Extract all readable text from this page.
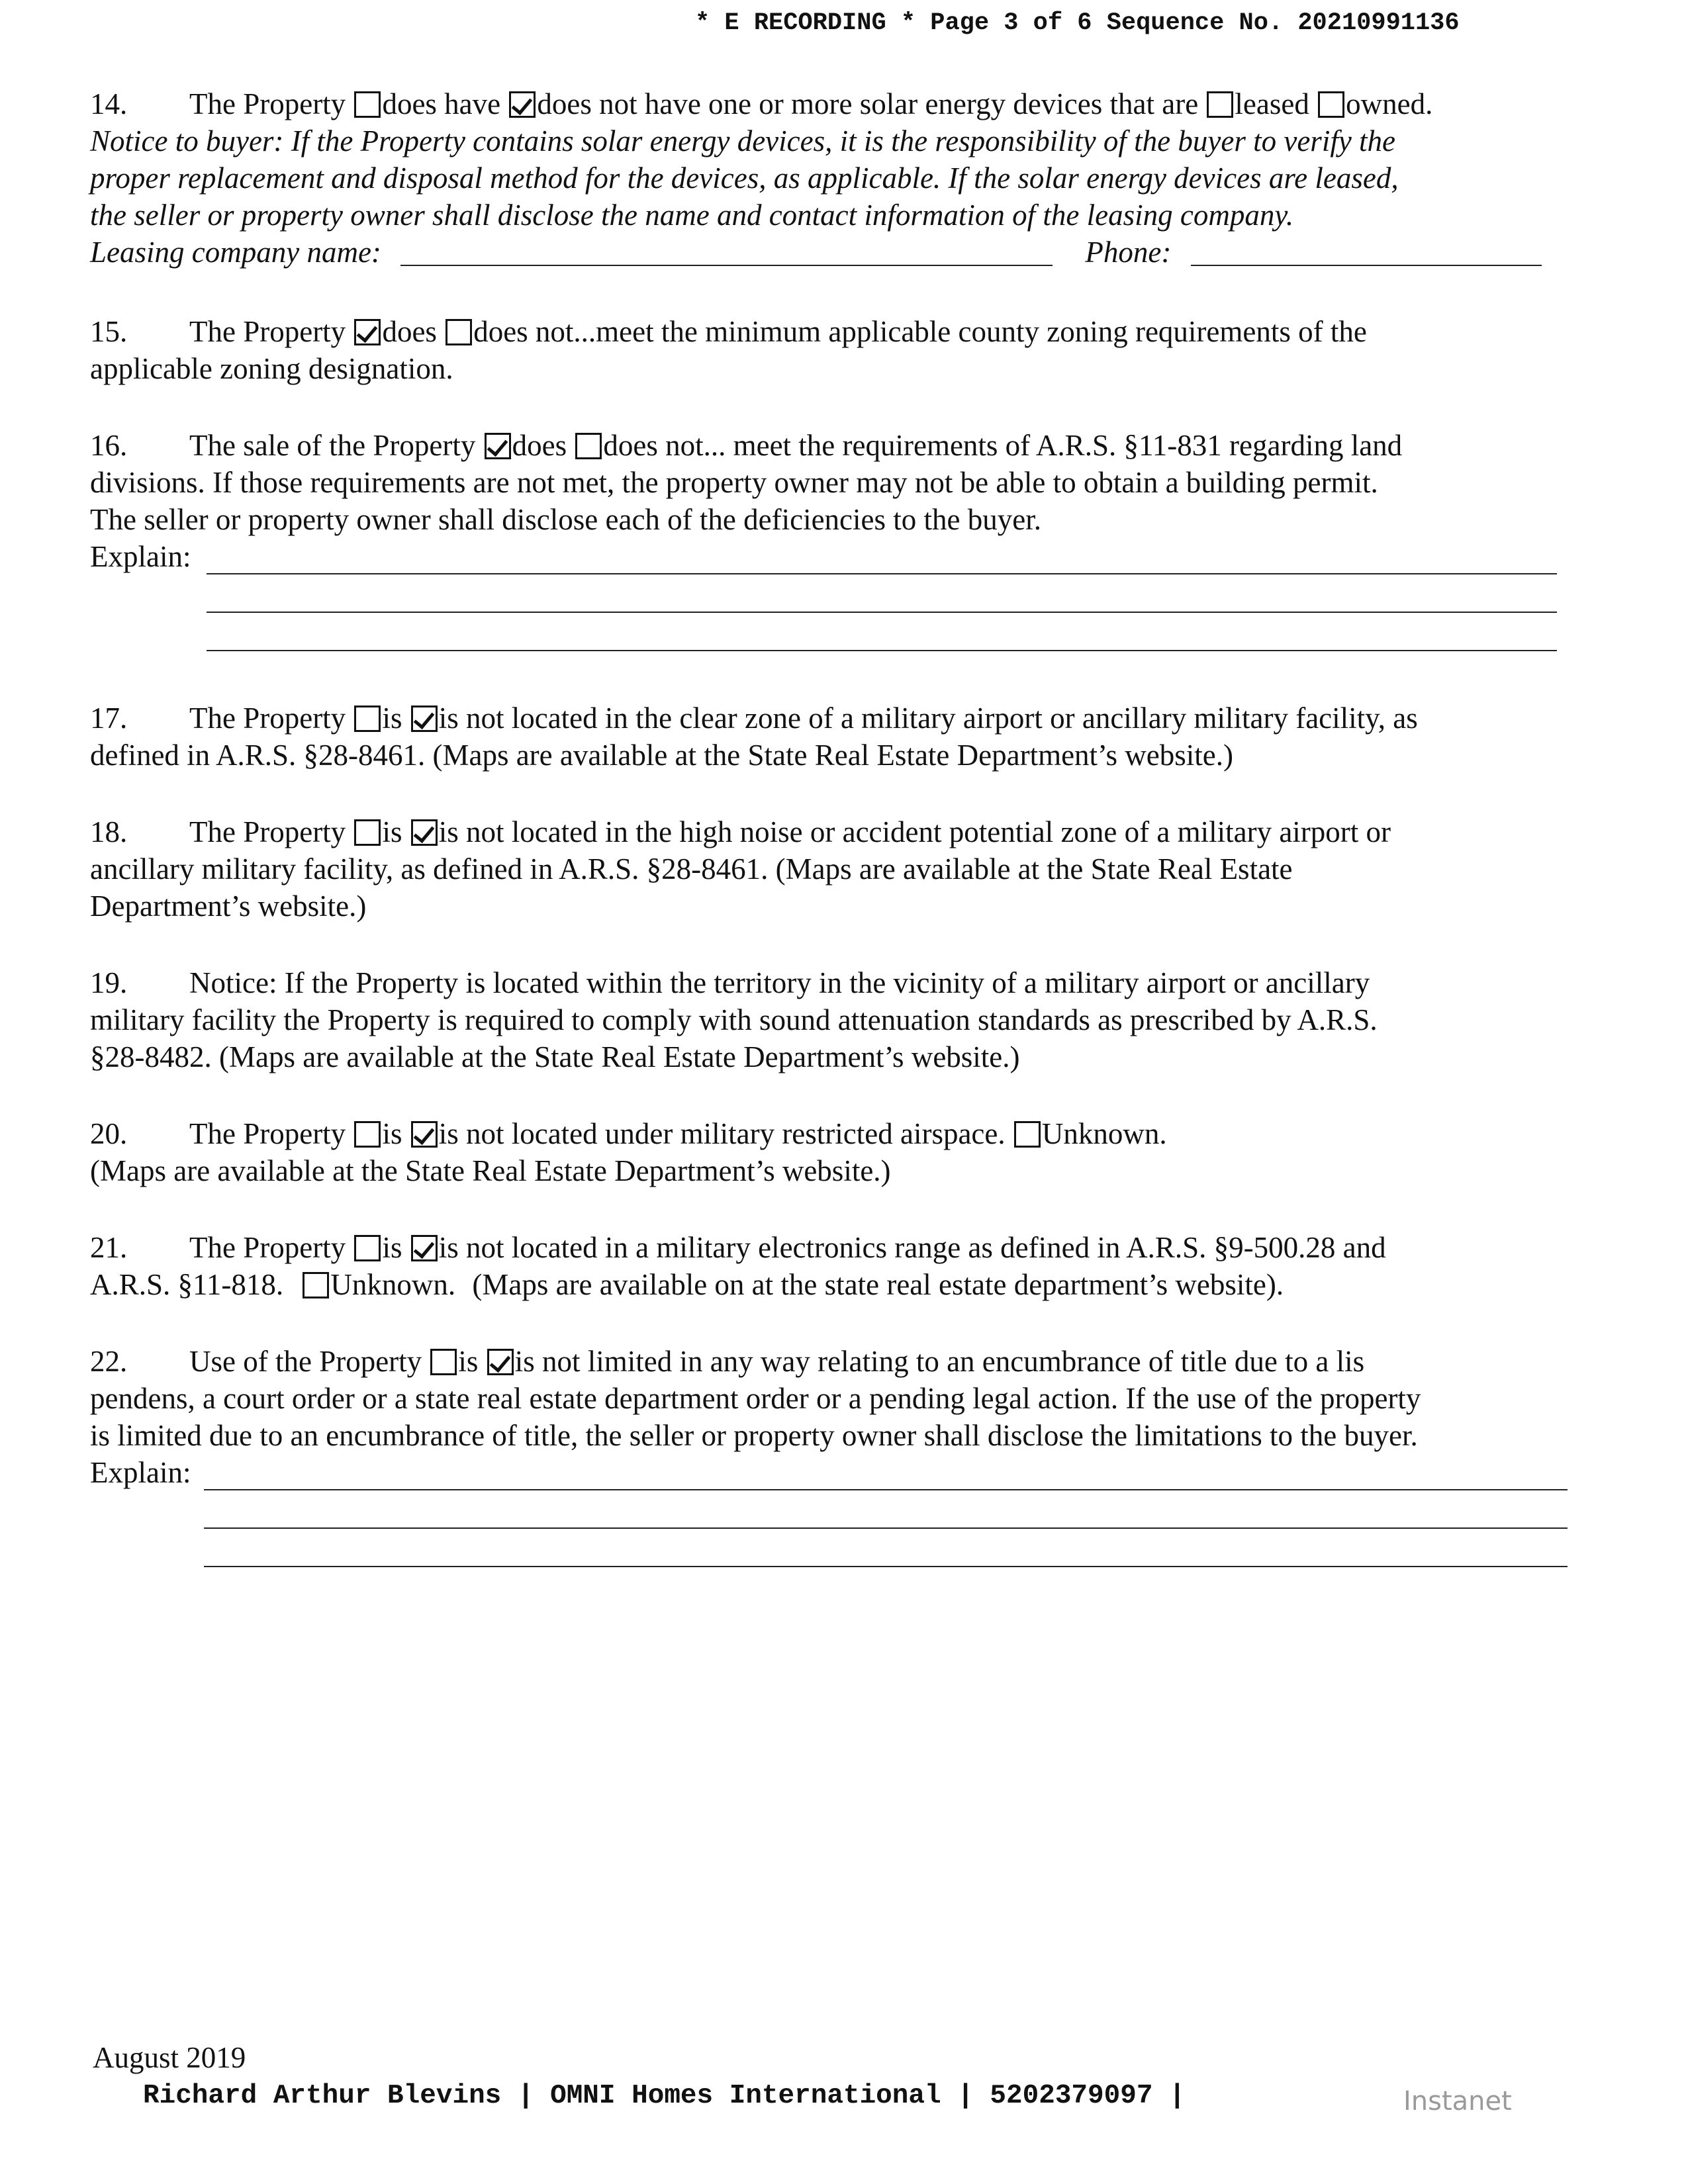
* E RECORDING * Page 3 of 6 Sequence No. 20210991136
14. The Property does have does not have one or more solar energy devices that are leased owned.
Notice to buyer: If the Property contains solar energy devices, it is the responsibility of the buyer to verify the
proper replacement and disposal method for the devices, as applicable. If the solar energy devices are leased,
the seller or property owner shall disclose the name and contact information of the leasing company.
Leasing company name:	Phone:
15. The Property does does not...meet the minimum applicable county zoning requirements of the
applicable zoning designation.
16. The sale of the Property does does not... meet the requirements of A.R.S. §11-831 regarding land
divisions. If those requirements are not met, the property owner may not be able to obtain a building permit.
The seller or property owner shall disclose each of the deficiencies to the buyer.
Explain:
17. The Property is is not located in the clear zone of a military airport or ancillary military facility, as
defined in A.R.S. §28-8461. (Maps are available at the State Real Estate Department’s website.)
18. The Property is is not located in the high noise or accident potential zone of a military airport or
ancillary military facility, as defined in A.R.S. §28-8461. (Maps are available at the State Real Estate
Department’s website.)
19. Notice: If the Property is located within the territory in the vicinity of a military airport or ancillary
military facility the Property is required to comply with sound attenuation standards as prescribed by A.R.S.
§28-8482. (Maps are available at the State Real Estate Department’s website.)
20. The Property is is not located under military restricted airspace. Unknown.
(Maps are available at the State Real Estate Department’s website.)
21. The Property is is not located in a military electronics range as defined in A.R.S. §9-500.28 and
A.R.S. §11-818. Unknown. (Maps are available on at the state real estate department’s website).
22. Use of the Property is is not limited in any way relating to an encumbrance of title due to a lis
pendens, a court order or a state real estate department order or a pending legal action. If the use of the property
is limited due to an encumbrance of title, the seller or property owner shall disclose the limitations to the buyer.
Explain:
August 2019
Richard Arthur Blevins | OMNI Homes International | 5202379097 |	Instanet
